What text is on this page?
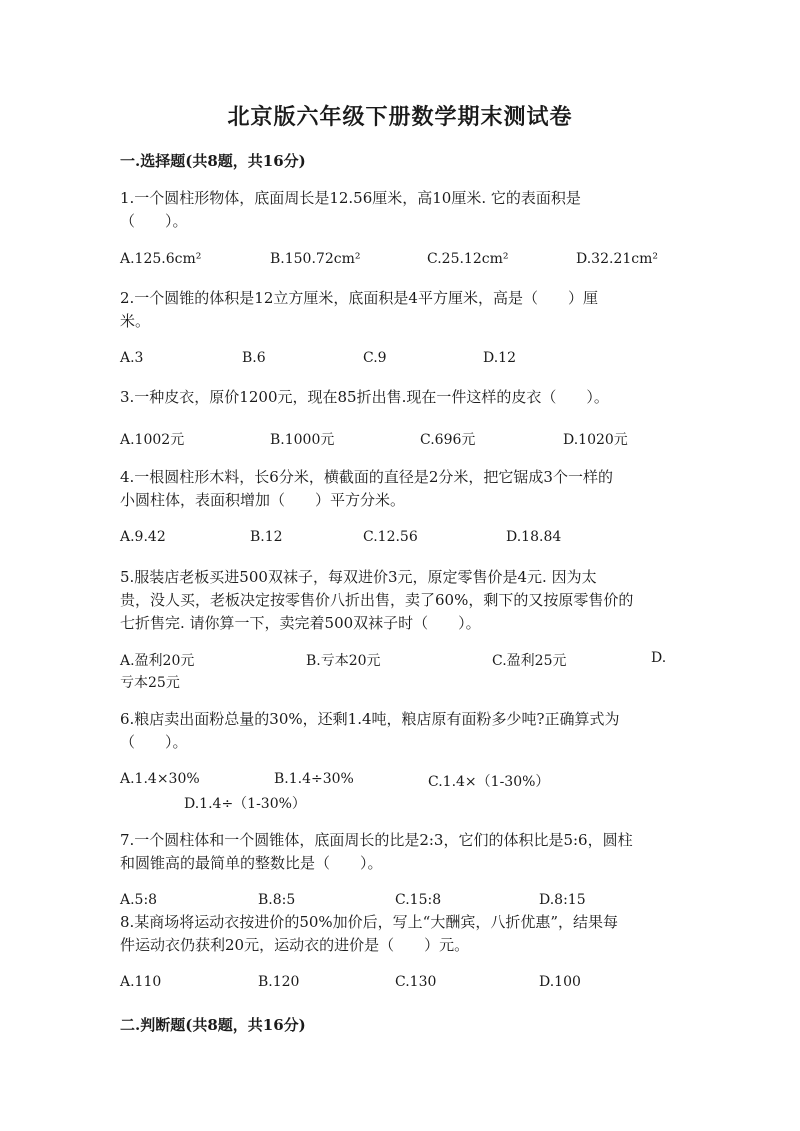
北京版六年级下册数学期末测试卷
一.选择题(共8题，共16分)
1.一个圆柱形物体，底面周长是12.56厘米，高10厘米. 它的表面积是
（　　）。
A.125.6cm²	B.150.72cm²	C.25.12cm²	D.32.21cm²
2.一个圆锥的体积是12立方厘米，底面积是4平方厘米，高是（　　）厘
米。
A.3	B.6	C.9	D.12
3.一种皮衣，原价1200元，现在85折出售.现在一件这样的皮衣（　　）。
A.1002元	B.1000元	C.696元	D.1020元
4.一根圆柱形木料，长6分米，横截面的直径是2分米，把它锯成3个一样的
小圆柱体，表面积增加（　　）平方分米。
A.9.42	B.12	C.12.56	D.18.84
5.服装店老板买进500双袜子，每双进价3元，原定零售价是4元. 因为太
贵，没人买，老板决定按零售价八折出售，卖了60%，剩下的又按原零售价的
七折售完. 请你算一下，卖完着500双袜子时（　　）。
A.盈利20元	B.亏本20元	C.盈利25元	D.
亏本25元
6.粮店卖出面粉总量的30%，还剩1.4吨，粮店原有面粉多少吨?正确算式为
（　　）。
A.1.4×30%	B.1.4÷30%	C.1.4×（1-30%）
D.1.4÷（1-30%）
7.一个圆柱体和一个圆锥体，底面周长的比是2:3，它们的体积比是5:6，圆柱
和圆锥高的最简单的整数比是（　　）。
A.5:8	B.8:5	C.15:8	D.8:15
8.某商场将运动衣按进价的50%加价后，写上“大酬宾，八折优惠”，结果每
件运动衣仍获利20元，运动衣的进价是（　　）元。
A.110	B.120	C.130	D.100
二.判断题(共8题，共16分)
